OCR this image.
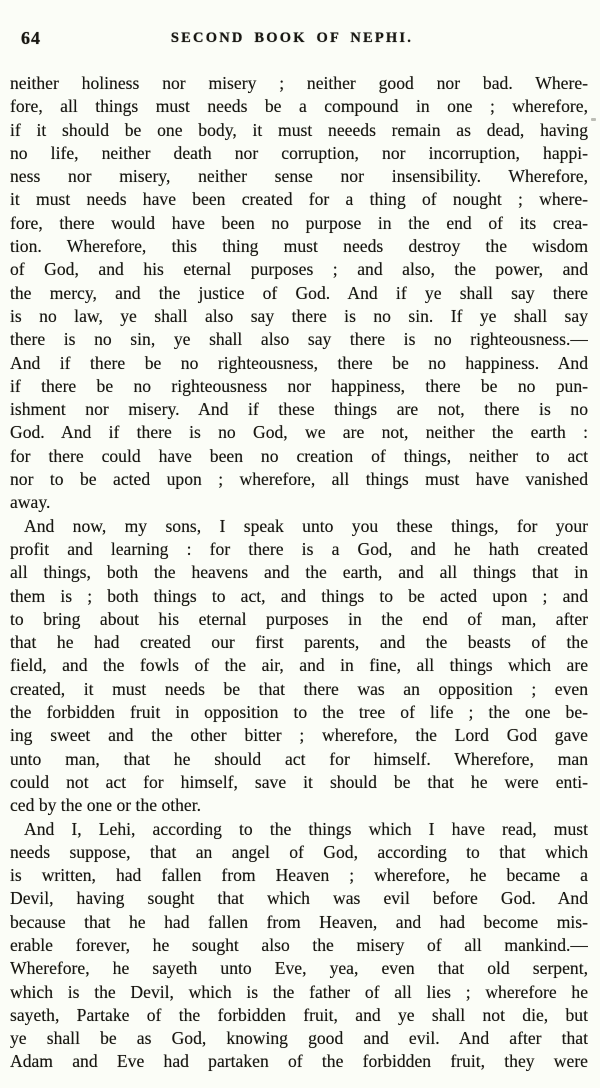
64	SECOND BOOK OF NEPHI.
neither holiness nor misery ; neither good nor bad. Where-
fore, all things must needs be a compound in one ; wherefore,
if it should be one body, it must neeeds remain as dead, having
no life, neither death nor corruption, nor incorruption, happi-
ness nor misery, neither sense nor insensibility. Wherefore,
it must needs have been created for a thing of nought ; where-
fore, there would have been no purpose in the end of its crea-
tion. Wherefore, this thing must needs destroy the wisdom
of God, and his eternal purposes ; and also, the power, and
the mercy, and the justice of God. And if ye shall say there
is no law, ye shall also say there is no sin. If ye shall say
there is no sin, ye shall also say there is no righteousness.—
And if there be no righteousness, there be no happiness. And
if there be no righteousness nor happiness, there be no pun-
ishment nor misery. And if these things are not, there is no
God. And if there is no God, we are not, neither the earth :
for there could have been no creation of things, neither to act
nor to be acted upon ; wherefore, all things must have vanished
away.
And now, my sons, I speak unto you these things, for your
profit and learning : for there is a God, and he hath created
all things, both the heavens and the earth, and all things that in
them is ; both things to act, and things to be acted upon ; and
to bring about his eternal purposes in the end of man, after
that he had created our first parents, and the beasts of the
field, and the fowls of the air, and in fine, all things which are
created, it must needs be that there was an opposition ; even
the forbidden fruit in opposition to the tree of life ; the one be-
ing sweet and the other bitter ; wherefore, the Lord God gave
unto man, that he should act for himself. Wherefore, man
could not act for himself, save it should be that he were enti-
ced by the one or the other.
And I, Lehi, according to the things which I have read, must
needs suppose, that an angel of God, according to that which
is written, had fallen from Heaven ; wherefore, he became a
Devil, having sought that which was evil before God. And
because that he had fallen from Heaven, and had become mis-
erable forever, he sought also the misery of all mankind.—
Wherefore, he sayeth unto Eve, yea, even that old serpent,
which is the Devil, which is the father of all lies ; wherefore he
sayeth, Partake of the forbidden fruit, and ye shall not die, but
ye shall be as God, knowing good and evil. And after that
Adam and Eve had partaken of the forbidden fruit, they were
